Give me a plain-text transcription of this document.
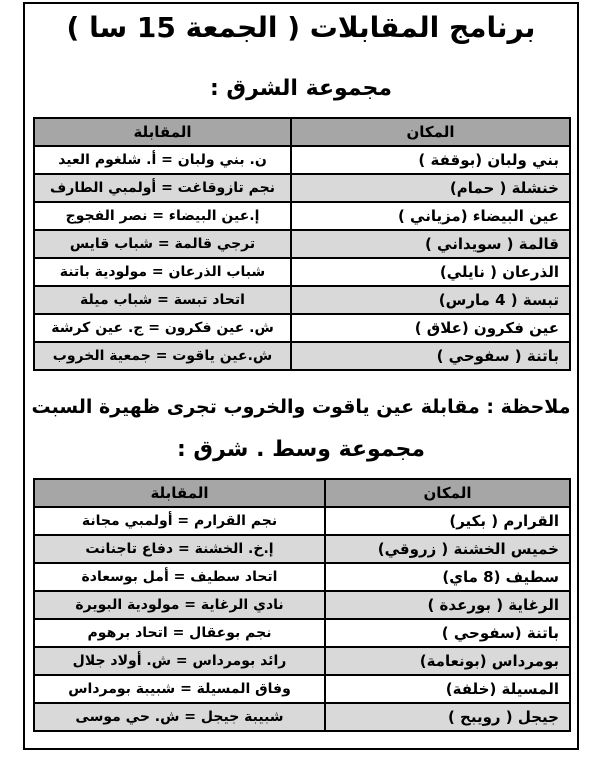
برنامج المقابلات ( الجمعة 15 سا )
مجموعة الشرق :
المكان	المقابلة
بني ولبان (بوقفة )	ن. بني ولبان = أ. شلغوم العيد
خنشلة ( حمام)	نجم تازوقاغت = أولمبي الطارف
عين البيضاء (مزياني )	إ.عين البيضاء = نصر الفجوج
قالمة ( سويداني )	ترجي قالمة = شباب قايس
الذرعان ( نايلي)	شباب الذرعان = مولودية باتنة
تبسة ( 4 مارس)	اتحاد تبسة = شباب ميلة
عين فكرون (علاق )	ش. عين فكرون = ج. عين كرشة
باتنة ( سفوحي )	ش.عين ياقوت = جمعية الخروب
ملاحظة : مقابلة عين ياقوت والخروب تجرى ظهيرة السبت
مجموعة وسط . شرق :
المكان	المقابلة
القرارم ( بكير)	نجم القرارم = أولمبي مجانة
خميس الخشنة ( زروقي)	إ.خ. الخشنة = دفاع تاجنانت
سطيف (8 ماي)	اتحاد سطيف = أمل بوسعادة
الرغاية ( بورعدة )	نادي الرغاية = مولودية البويرة
باتنة (سفوحي )	نجم بوعقال = اتحاد برهوم
بومرداس (بونعامة)	رائد بومرداس = ش. أولاد جلال
المسيلة (خلفة)	وفاق المسيلة = شبيبة بومرداس
جيجل ( رويبح )	شبيبة جيجل = ش. حي موسى
